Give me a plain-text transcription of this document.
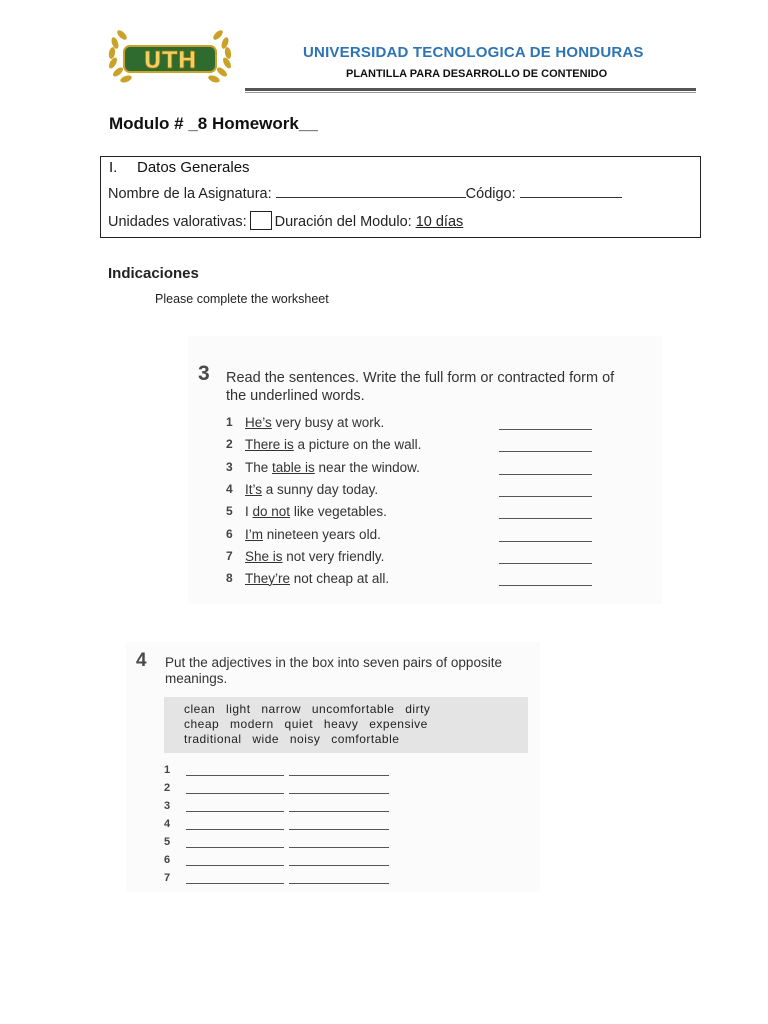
UTH	UNIVERSIDAD TECNOLOGICA DE HONDURAS
PLANTILLA PARA DESARROLLO DE CONTENIDO
Modulo # _8 Homework__
I. Datos Generales
Nombre de la Asignatura:	Código:
Unidades valorativas: Duración del Modulo: 10 días
Indicaciones
Please complete the worksheet
3 Read the sentences. Write the full form or contracted form of the underlined words.
1 He’s very busy at work.
2 There is a picture on the wall.
3 The table is near the window.
4 It’s a sunny day today.
5 I do not like vegetables.
6 I’m nineteen years old.
7 She is not very friendly.
8 They’re not cheap at all.
4 Put the adjectives in the box into seven pairs of opposite meanings.
clean light narrow uncomfortable dirty
cheap modern quiet heavy expensive
traditional wide noisy comfortable
1
2
3
4
5
6
7
